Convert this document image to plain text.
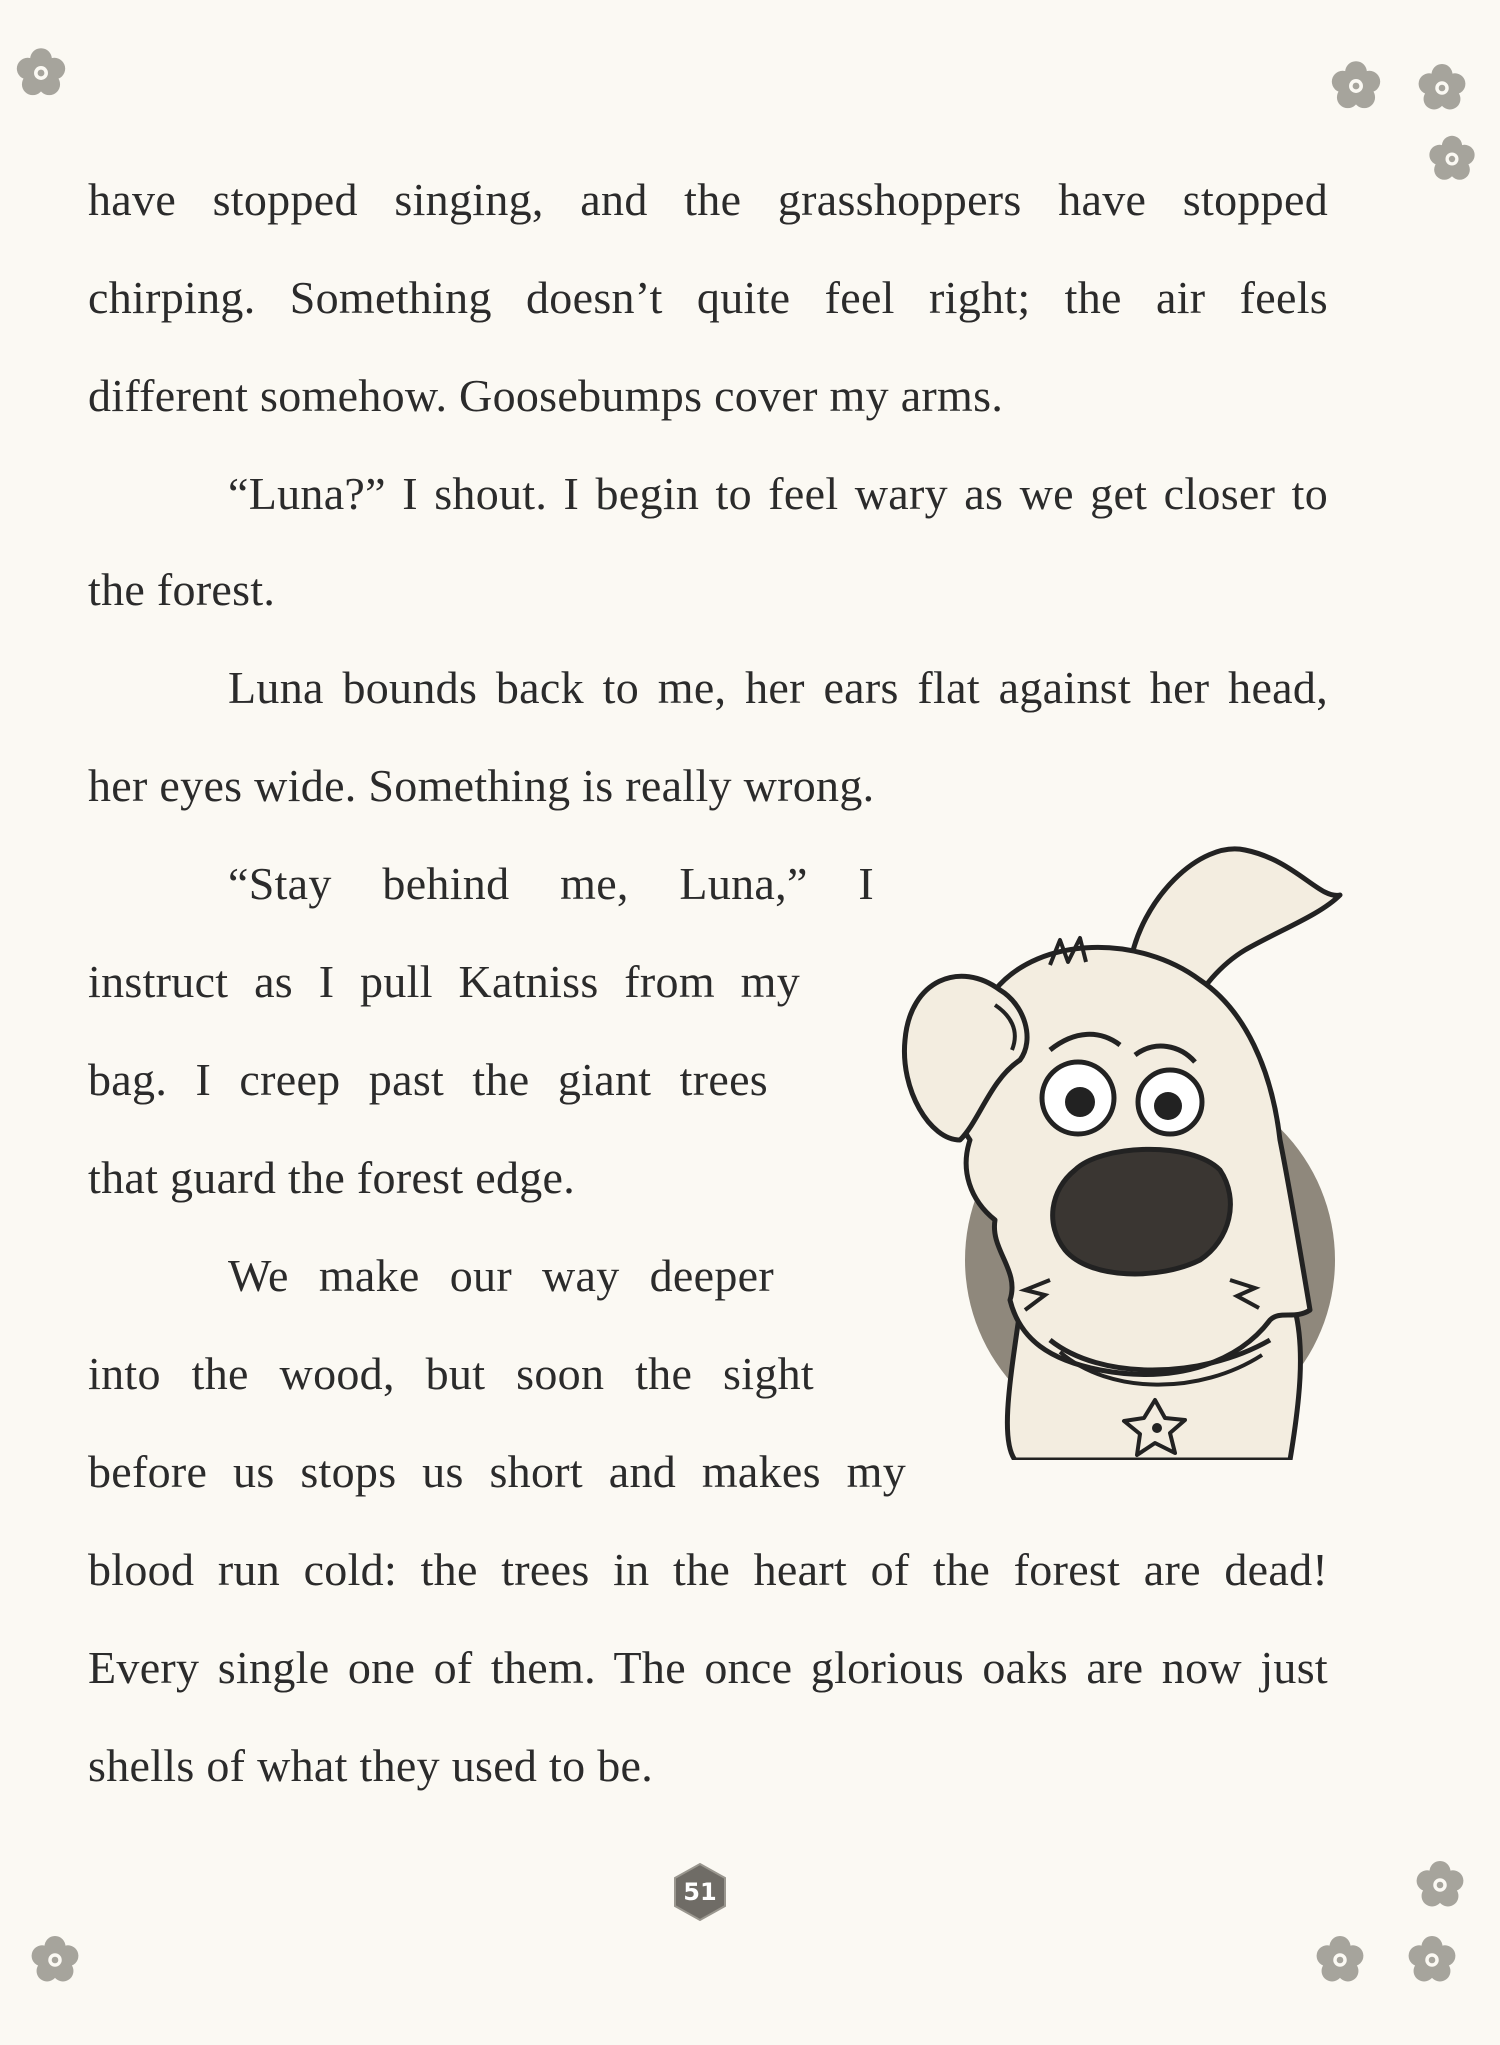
have stopped singing, and the grasshoppers have stopped

chirping. Something doesn’t quite feel right; the air feels

different somehow. Goosebumps cover my arms.

“Luna?” I shout. I begin to feel wary as we get closer to

the forest.

Luna bounds back to me, her ears flat against her head,

her eyes wide. Something is really wrong.

“Stay behind me, Luna,” I

instruct as I pull Katniss from my

bag. I creep past the giant trees

that guard the forest edge.

We make our way deeper

into the wood, but soon the sight

before us stops us short and makes my

blood run cold: the trees in the heart of the forest are dead!

Every single one of them. The once glorious oaks are now just

shells of what they used to be.

51
